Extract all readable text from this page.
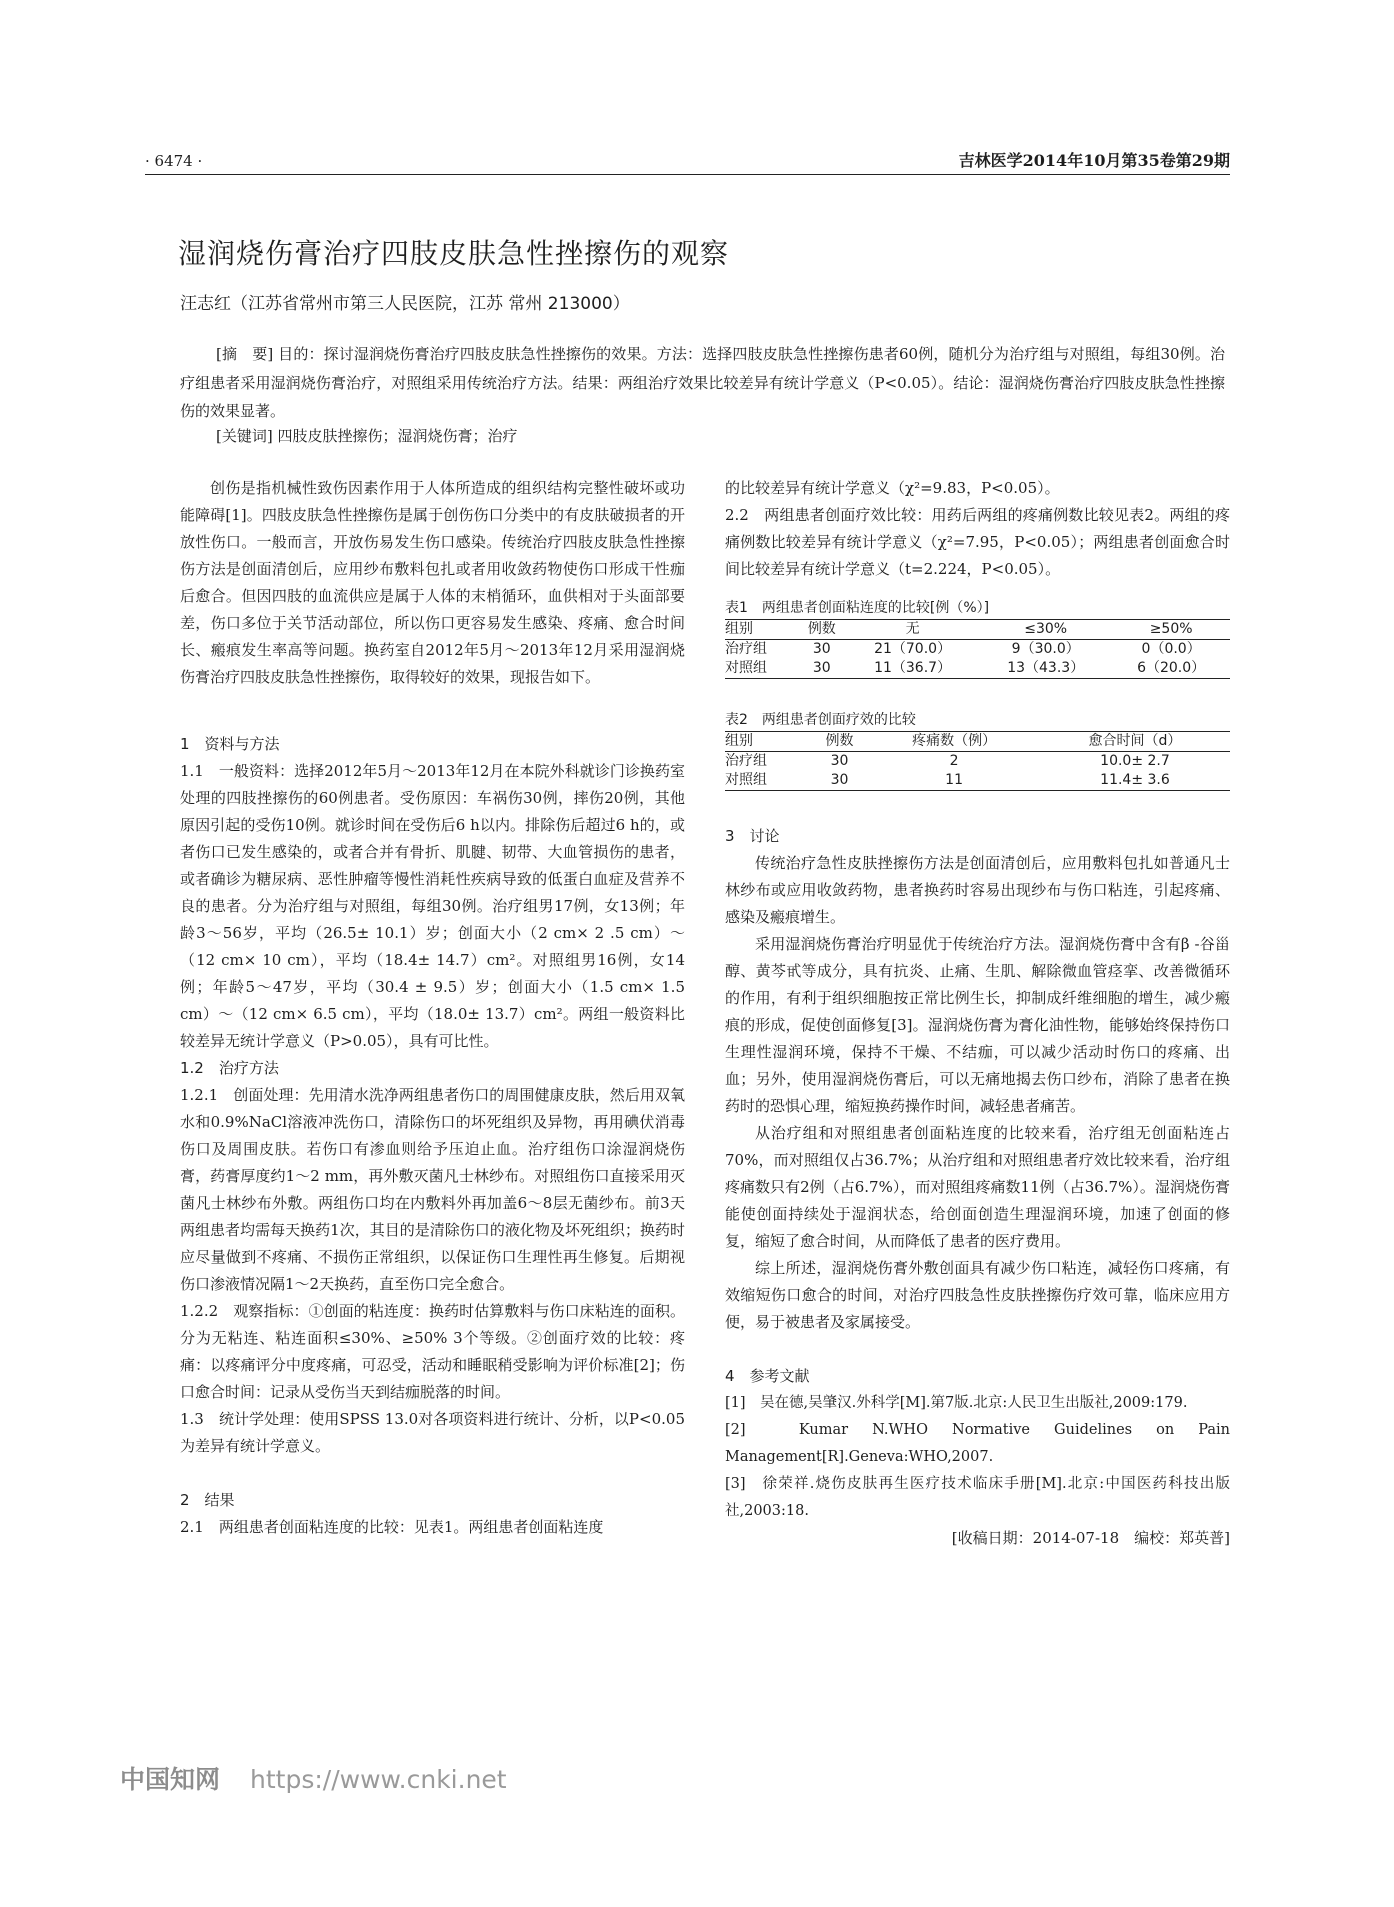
· 6474 ·	吉林医学2014年10月第35卷第29期
湿润烧伤膏治疗四肢皮肤急性挫擦伤的观察
汪志红（江苏省常州市第三人民医院，江苏 常州 213000）
[摘　要] 目的：探讨湿润烧伤膏治疗四肢皮肤急性挫擦伤的效果。方法：选择四肢皮肤急性挫擦伤患者60例，随机分为治疗组与对照组，每组30例。治疗组患者采用湿润烧伤膏治疗，对照组采用传统治疗方法。结果：两组治疗效果比较差异有统计学意义（P<0.05）。结论：湿润烧伤膏治疗四肢皮肤急性挫擦伤的效果显著。
[关键词] 四肢皮肤挫擦伤；湿润烧伤膏；治疗

创伤是指机械性致伤因素作用于人体所造成的组织结构完整性破坏或功能障碍[1]。四肢皮肤急性挫擦伤是属于创伤伤口分类中的有皮肤破损者的开放性伤口。一般而言，开放伤易发生伤口感染。传统治疗四肢皮肤急性挫擦伤方法是创面清创后，应用纱布敷料包扎或者用收敛药物使伤口形成干性痂后愈合。但因四肢的血流供应是属于人体的末梢循环，血供相对于头面部要差，伤口多位于关节活动部位，所以伤口更容易发生感染、疼痛、愈合时间长、瘢痕发生率高等问题。换药室自2012年5月～2013年12月采用湿润烧伤膏治疗四肢皮肤急性挫擦伤，取得较好的效果，现报告如下。

1　资料与方法

1.1　一般资料：选择2012年5月～2013年12月在本院外科就诊门诊换药室处理的四肢挫擦伤的60例患者。受伤原因：车祸伤30例，摔伤20例，其他原因引起的受伤10例。就诊时间在受伤后6 h以内。排除伤后超过6 h的，或者伤口已发生感染的，或者合并有骨折、肌腱、韧带、大血管损伤的患者，或者确诊为糖尿病、恶性肿瘤等慢性消耗性疾病导致的低蛋白血症及营养不良的患者。分为治疗组与对照组，每组30例。治疗组男17例，女13例；年龄3～56岁，平均（26.5± 10.1）岁；创面大小（2 cm× 2 .5 cm）～（12 cm× 10 cm），平均（18.4± 14.7）cm²。对照组男16例，女14例；年龄5～47岁，平均（30.4 ± 9.5）岁；创面大小（1.5 cm× 1.5 cm）～（12 cm× 6.5 cm），平均（18.0± 13.7）cm²。两组一般资料比较差异无统计学意义（P>0.05），具有可比性。

1.2　治疗方法

1.2.1　创面处理：先用清水洗净两组患者伤口的周围健康皮肤，然后用双氧水和0.9%NaCl溶液冲洗伤口，清除伤口的坏死组织及异物，再用碘伏消毒伤口及周围皮肤。若伤口有渗血则给予压迫止血。治疗组伤口涂湿润烧伤膏，药膏厚度约1～2 mm，再外敷灭菌凡士林纱布。对照组伤口直接采用灭菌凡士林纱布外敷。两组伤口均在内敷料外再加盖6～8层无菌纱布。前3天两组患者均需每天换药1次，其目的是清除伤口的液化物及坏死组织；换药时应尽量做到不疼痛、不损伤正常组织，以保证伤口生理性再生修复。后期视伤口渗液情况隔1～2天换药，直至伤口完全愈合。

1.2.2　观察指标：①创面的粘连度：换药时估算敷料与伤口床粘连的面积。分为无粘连、粘连面积≤30%、≥50% 3个等级。②创面疗效的比较：疼痛：以疼痛评分中度疼痛，可忍受，活动和睡眠稍受影响为评价标准[2]；伤口愈合时间：记录从受伤当天到结痂脱落的时间。

1.3　统计学处理：使用SPSS 13.0对各项资料进行统计、分析，以P<0.05为差异有统计学意义。

2　结果

2.1　两组患者创面粘连度的比较：见表1。两组患者创面粘连度

的比较差异有统计学意义（χ²=9.83，P<0.05）。

2.2　两组患者创面疗效比较：用药后两组的疼痛例数比较见表2。两组的疼痛例数比较差异有统计学意义（χ²=7.95，P<0.05）；两组患者创面愈合时间比较差异有统计学意义（t=2.224，P<0.05）。

表1　两组患者创面粘连度的比较[例（%）]

组别	例数	无	≤30%	≥50%
治疗组	30	21（70.0）	9（30.0）	0（0.0）
对照组	30	11（36.7）	13（43.3）	6（20.0）

表2　两组患者创面疗效的比较

组别	例数	疼痛数（例）	愈合时间（d）
治疗组	30	2	10.0± 2.7
对照组	30	11	11.4± 3.6

3　讨论

传统治疗急性皮肤挫擦伤方法是创面清创后，应用敷料包扎如普通凡士林纱布或应用收敛药物，患者换药时容易出现纱布与伤口粘连，引起疼痛、感染及瘢痕增生。

采用湿润烧伤膏治疗明显优于传统治疗方法。湿润烧伤膏中含有β -谷甾醇、黄芩甙等成分，具有抗炎、止痛、生肌、解除微血管痉挛、改善微循环的作用，有利于组织细胞按正常比例生长，抑制成纤维细胞的增生，减少瘢痕的形成，促使创面修复[3]。湿润烧伤膏为膏化油性物，能够始终保持伤口生理性湿润环境，保持不干燥、不结痂，可以减少活动时伤口的疼痛、出血；另外，使用湿润烧伤膏后，可以无痛地揭去伤口纱布，消除了患者在换药时的恐惧心理，缩短换药操作时间，减轻患者痛苦。

从治疗组和对照组患者创面粘连度的比较来看，治疗组无创面粘连占70%，而对照组仅占36.7%；从治疗组和对照组患者疗效比较来看，治疗组疼痛数只有2例（占6.7%），而对照组疼痛数11例（占36.7%）。湿润烧伤膏能使创面持续处于湿润状态，给创面创造生理湿润环境，加速了创面的修复，缩短了愈合时间，从而降低了患者的医疗费用。

综上所述，湿润烧伤膏外敷创面具有减少伤口粘连，减轻伤口疼痛，有效缩短伤口愈合的时间，对治疗四肢急性皮肤挫擦伤疗效可靠，临床应用方便，易于被患者及家属接受。

4　参考文献

[1]　吴在德,吴肇汉.外科学[M].第7版.北京:人民卫生出版社,2009:179.

[2]　Kumar N.WHO Normative Guidelines on Pain Management[R].Geneva:WHO,2007.

[3]　徐荣祥.烧伤皮肤再生医疗技术临床手册[M].北京:中国医药科技出版社,2003:18.

[收稿日期：2014-07-18　编校：郑英普]

中国知网 https://www.cnki.net
